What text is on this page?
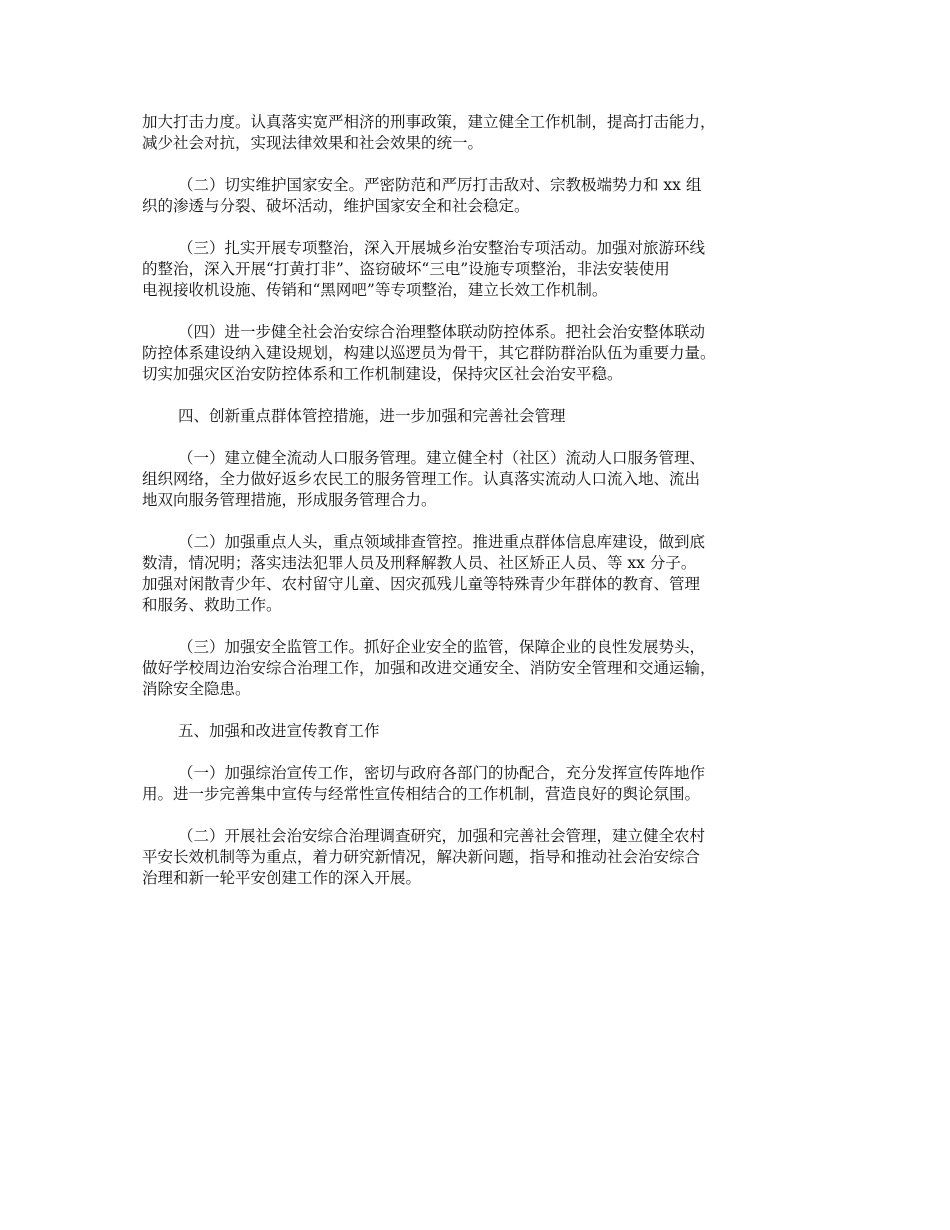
加大打击力度。认真落实宽严相济的刑事政策，建立健全工作机制，提高打击能力，
减少社会对抗，实现法律效果和社会效果的统一。
（二）切实维护国家安全。严密防范和严厉打击敌对、宗教极端势力和 xx 组
织的渗透与分裂、破坏活动，维护国家安全和社会稳定。
（三）扎实开展专项整治，深入开展城乡治安整治专项活动。加强对旅游环线
的整治，深入开展“打黄打非”、盗窃破坏“三电”设施专项整治，非法安装使用
电视接收机设施、传销和“黑网吧”等专项整治，建立长效工作机制。
（四）进一步健全社会治安综合治理整体联动防控体系。把社会治安整体联动
防控体系建设纳入建设规划，构建以巡逻员为骨干，其它群防群治队伍为重要力量。
切实加强灾区治安防控体系和工作机制建设，保持灾区社会治安平稳。
四、创新重点群体管控措施，进一步加强和完善社会管理
（一）建立健全流动人口服务管理。建立健全村（社区）流动人口服务管理、
组织网络，全力做好返乡农民工的服务管理工作。认真落实流动人口流入地、流出
地双向服务管理措施，形成服务管理合力。
（二）加强重点人头，重点领域排查管控。推进重点群体信息库建设，做到底
数清，情况明；落实违法犯罪人员及刑释解教人员、社区矫正人员、等 xx 分子。
加强对闲散青少年、农村留守儿童、因灾孤残儿童等特殊青少年群体的教育、管理
和服务、救助工作。
（三）加强安全监管工作。抓好企业安全的监管，保障企业的良性发展势头，
做好学校周边治安综合治理工作，加强和改进交通安全、消防安全管理和交通运输，
消除安全隐患。
五、加强和改进宣传教育工作
（一）加强综治宣传工作，密切与政府各部门的协配合，充分发挥宣传阵地作
用。进一步完善集中宣传与经常性宣传相结合的工作机制，营造良好的舆论氛围。
（二）开展社会治安综合治理调查研究，加强和完善社会管理，建立健全农村
平安长效机制等为重点，着力研究新情况，解决新问题，指导和推动社会治安综合
治理和新一轮平安创建工作的深入开展。
